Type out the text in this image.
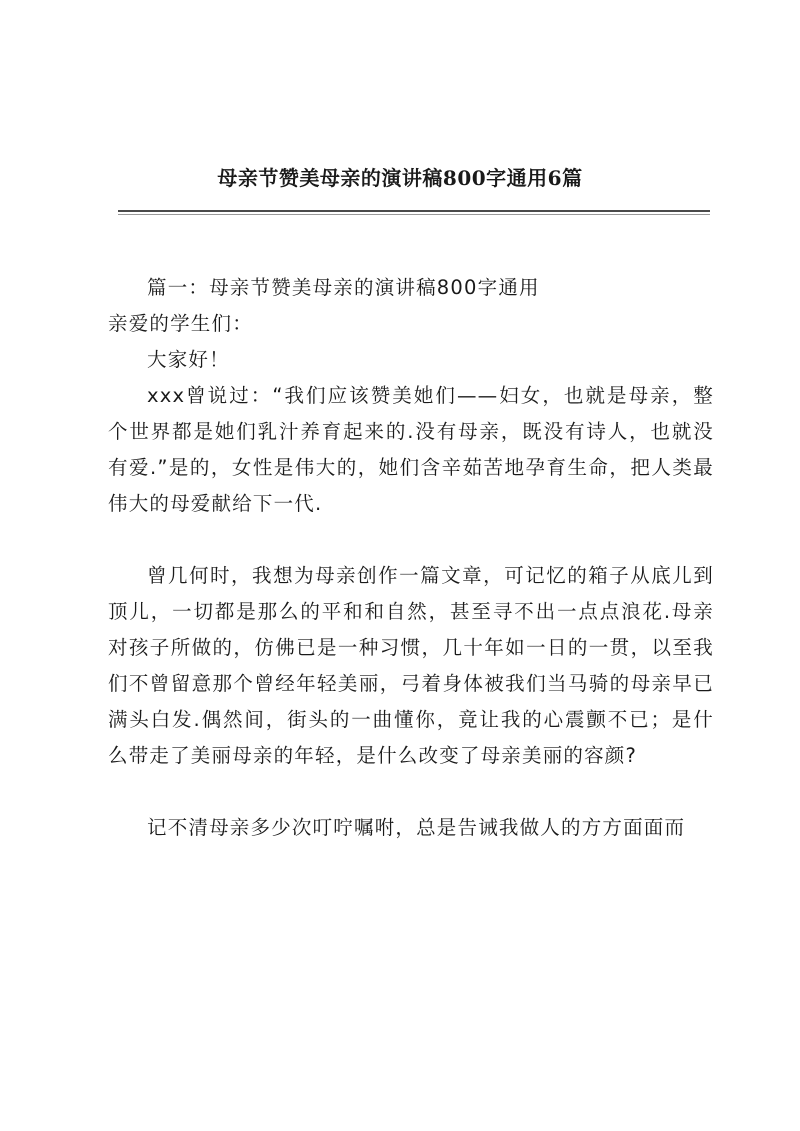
母亲节赞美母亲的演讲稿800字通用6篇

篇一：母亲节赞美母亲的演讲稿800字通用

亲爱的学生们：

大家好！

xxx曾说过：“我们应该赞美她们——妇女，也就是母亲，整个世界都是她们乳汁养育起来的.没有母亲，既没有诗人，也就没有爱.”是的，女性是伟大的，她们含辛茹苦地孕育生命，把人类最伟大的母爱献给下一代.

曾几何时，我想为母亲创作一篇文章，可记忆的箱子从底儿到顶儿，一切都是那么的平和和自然，甚至寻不出一点点浪花.母亲对孩子所做的，仿佛已是一种习惯，几十年如一日的一贯，以至我们不曾留意那个曾经年轻美丽，弓着身体被我们当马骑的母亲早已满头白发.偶然间，街头的一曲懂你，竟让我的心震颤不已；是什么带走了美丽母亲的年轻，是什么改变了母亲美丽的容颜?

记不清母亲多少次叮咛嘱咐，总是告诫我做人的方方面面而
